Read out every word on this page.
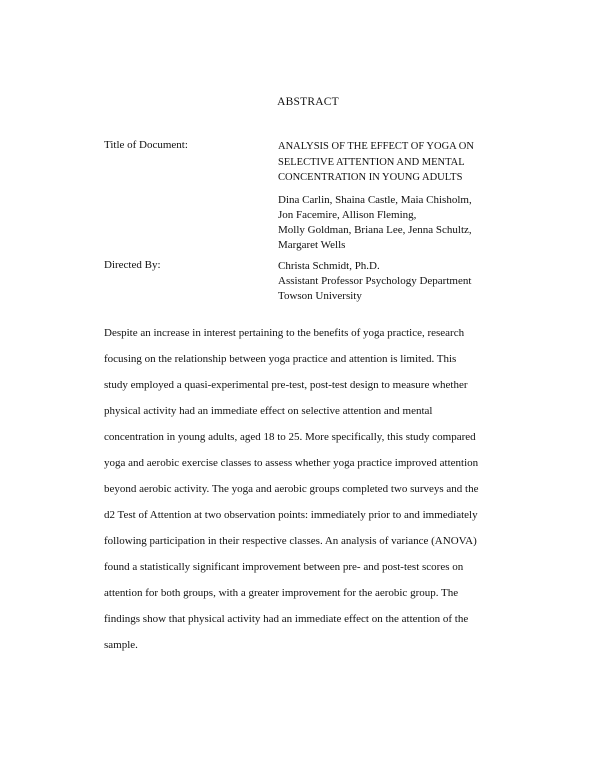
ABSTRACT
Title of Document:	ANALYSIS OF THE EFFECT OF YOGA ON
SELECTIVE ATTENTION AND MENTAL
CONCENTRATION IN YOUNG ADULTS
Dina Carlin, Shaina Castle, Maia Chisholm,
Jon Facemire, Allison Fleming,
Molly Goldman, Briana Lee, Jenna Schultz,
Margaret Wells
Directed By:	Christa Schmidt, Ph.D.
Assistant Professor Psychology Department
Towson University
Despite an increase in interest pertaining to the benefits of yoga practice, research
focusing on the relationship between yoga practice and attention is limited. This
study employed a quasi-experimental pre-test, post-test design to measure whether
physical activity had an immediate effect on selective attention and mental
concentration in young adults, aged 18 to 25. More specifically, this study compared
yoga and aerobic exercise classes to assess whether yoga practice improved attention
beyond aerobic activity. The yoga and aerobic groups completed two surveys and the
d2 Test of Attention at two observation points: immediately prior to and immediately
following participation in their respective classes. An analysis of variance (ANOVA)
found a statistically significant improvement between pre- and post-test scores on
attention for both groups, with a greater improvement for the aerobic group. The
findings show that physical activity had an immediate effect on the attention of the
sample.
